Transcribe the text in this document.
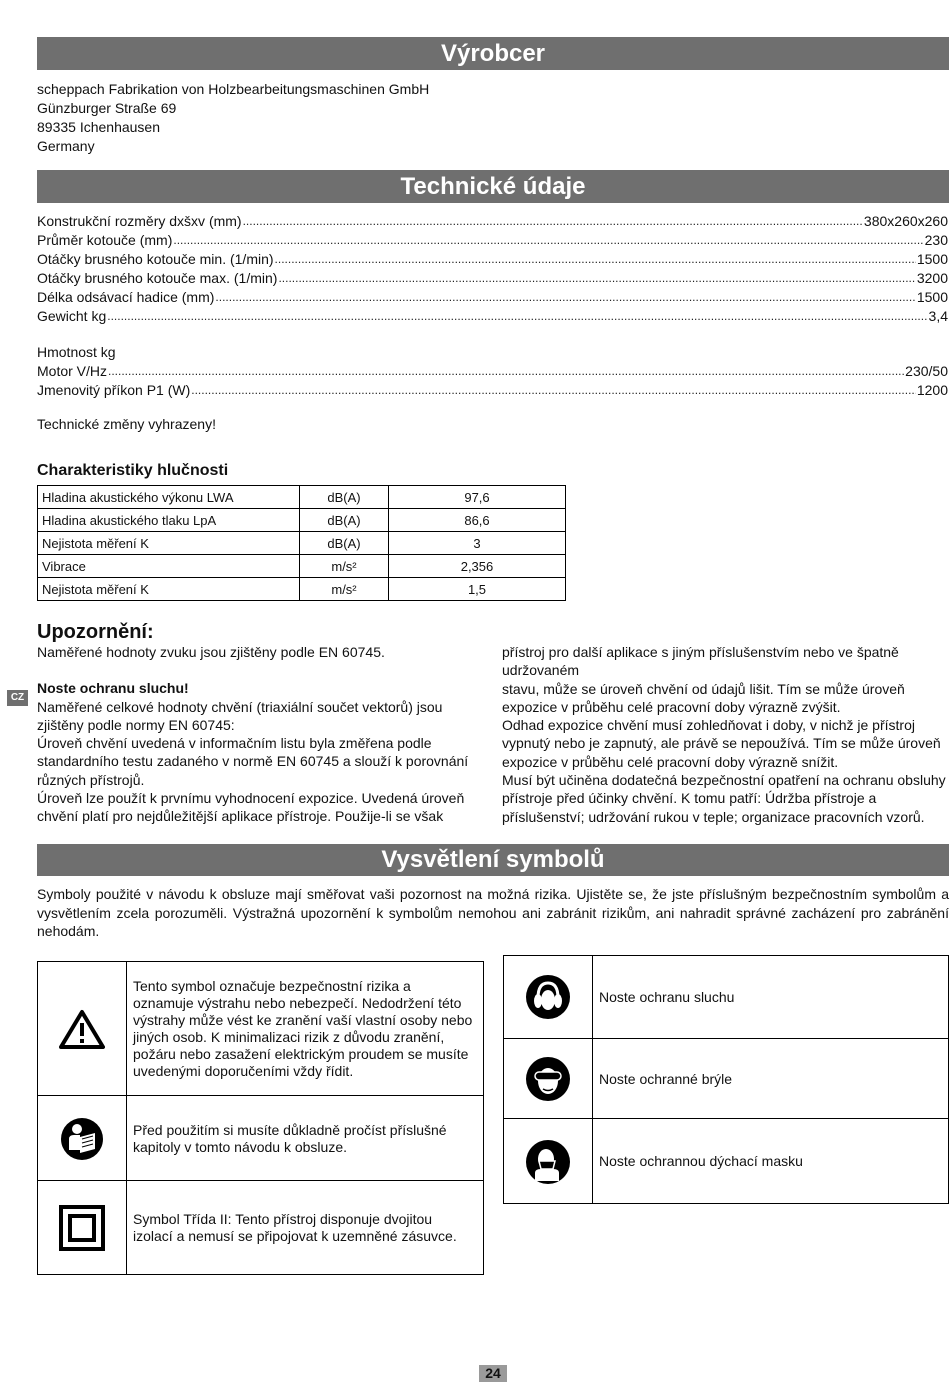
Výrobcer
scheppach Fabrikation von Holzbearbeitungsmaschinen GmbH
Günzburger Straße 69
89335 Ichenhausen
Germany
Technické údaje
Konstrukční rozměry dxšxv (mm) .....	380x260x260
Průměr kotouče (mm) .....	230
Otáčky brusného kotouče min. (1/min) .....	1500
Otáčky brusného kotouče max. (1/min) .....	3200
Délka odsávací hadice (mm) .....	1500
Gewicht kg .....	3,4
Hmotnost kg
Motor V/Hz .....	230/50
Jmenovitý příkon P1 (W) .....	1200
Technické změny vyhrazeny!
Charakteristiky hlučnosti
Hladina akustického výkonu LWA	dB(A)	97,6
Hladina akustického tlaku LpA	dB(A)	86,6
Nejistota měření K	dB(A)	3
Vibrace	m/s²	2,356
Nejistota měření K	m/s²	1,5
Upozornění:
CZ
Naměřené hodnoty zvuku jsou zjištěny podle EN 60745.
Noste ochranu sluchu!
Naměřené celkové hodnoty chvění (triaxiální součet vektorů) jsou zjištěny podle normy EN 60745:
Úroveň chvění uvedená v informačním listu byla změřena podle standardního testu zadaného v normě EN 60745 a slouží k porovnání různých přístrojů.
Úroveň lze použít k prvnímu vyhodnocení expozice. Uvedená úroveň chvění platí pro nejdůležitější aplikace přístroje. Použije-li se však
přístroj pro další aplikace s jiným příslušenstvím nebo ve špatně udržovaném
stavu, může se úroveň chvění od údajů lišit. Tím se může úroveň expozice v průběhu celé pracovní doby výrazně zvýšit.
Odhad expozice chvění musí zohledňovat i doby, v nichž je přístroj vypnutý nebo je zapnutý, ale právě se nepoužívá. Tím se může úroveň expozice v průběhu celé pracovní doby výrazně snížit.
Musí být učiněna dodatečná bezpečnostní opatření na ochranu obsluhy přístroje před účinky chvění. K tomu patří: Údržba přístroje a příslušenství; udržování rukou v teple; organizace pracovních vzorů.
Vysvětlení symbolů
Symboly použité v návodu k obsluze mají směřovat vaši pozornost na možná rizika. Ujistěte se, že jste příslušným bezpečnostním symbolům a vysvětlením zcela porozuměli. Výstražná upozornění k symbolům nemohou ani zabránit rizikům, ani nahradit správné zacházení pro zabránění nehodám.
Tento symbol označuje bezpečnostní rizika a oznamuje výstrahu nebo nebezpečí. Nedodržení této výstrahy může vést ke zranění vaší vlastní osoby nebo jiných osob. K minimalizaci rizik z důvodu zranění, požáru nebo zasažení elektrickým proudem se musíte uvedenými doporučeními vždy řídit.
Před použitím si musíte důkladně pročíst příslušné kapitoly v tomto návodu k obsluze.
Symbol Třída II: Tento přístroj disponuje dvojitou izolací a nemusí se připojovat k uzemněné zásuvce.
Noste ochranu sluchu
Noste ochranné brýle
Noste ochrannou dýchací masku
24
